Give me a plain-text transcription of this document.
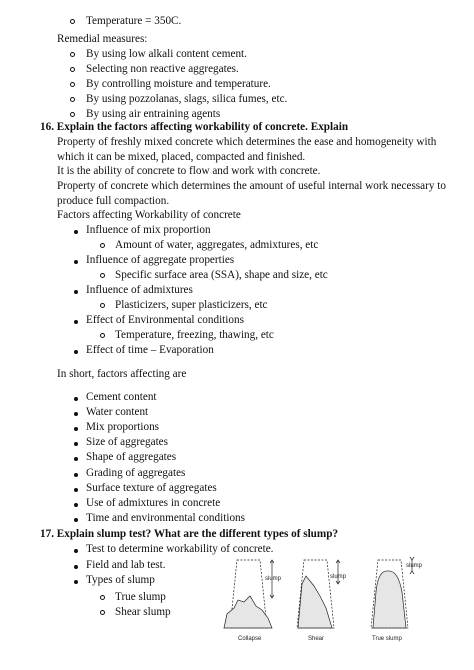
Temperature = 350C.
Remedial measures:
By using low alkali content cement.
Selecting non reactive aggregates.
By controlling moisture and temperature.
By using pozzolanas, slags, silica fumes, etc.
By using air entraining agents
16. Explain the factors affecting workability of concrete. Explain
Property of freshly mixed concrete which determines the ease and homogeneity with
which it can be mixed, placed, compacted and finished.
It is the ability of concrete to flow and work with concrete.
Property of concrete which determines the amount of useful internal work necessary to
produce full compaction.
Factors affecting Workability of concrete
Influence of mix proportion
Amount of water, aggregates, admixtures, etc
Influence of aggregate properties
Specific surface area (SSA), shape and size, etc
Influence of admixtures
Plasticizers, super plasticizers, etc
Effect of Environmental conditions
Temperature, freezing, thawing, etc
Effect of time – Evaporation
In short, factors affecting are
Cement content
Water content
Mix proportions
Size of aggregates
Shape of aggregates
Grading of aggregates
Surface texture of aggregates
Use of admixtures in concrete
Time and environmental conditions
17. Explain slump test? What are the different types of slump?
Test to determine workability of concrete.
Field and lab test.
Types of slump
True slump
Shear slump
slump	slump
slump
Collapse	Shear	True slump
